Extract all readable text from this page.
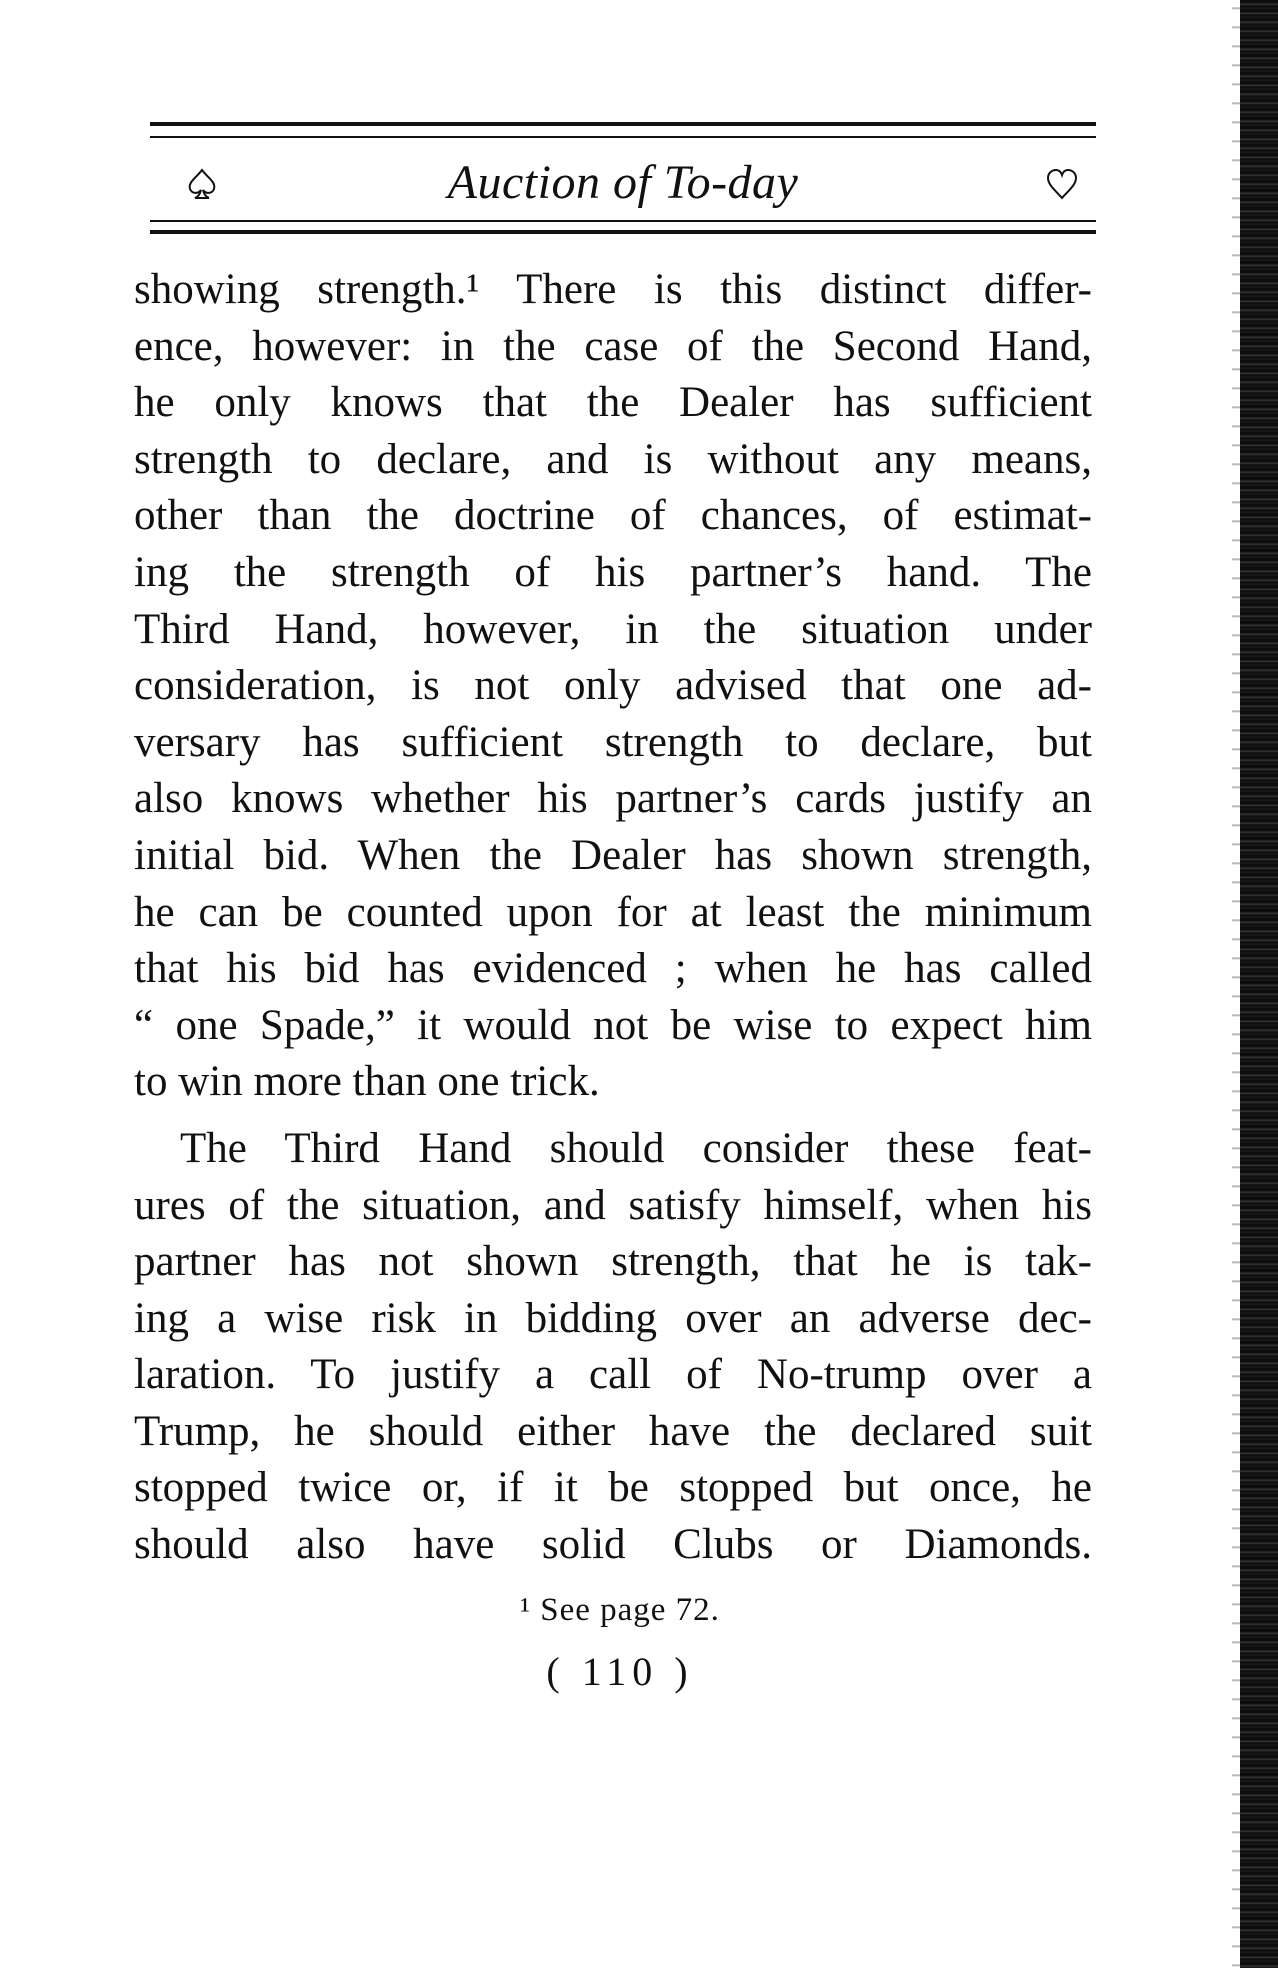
Auction of To-day
showing strength.¹ There is this distinct differ-
ence, however: in the case of the Second Hand,
he only knows that the Dealer has sufficient
strength to declare, and is without any means,
other than the doctrine of chances, of estimat-
ing the strength of his partner’s hand. The
Third Hand, however, in the situation under
consideration, is not only advised that one ad-
versary has sufficient strength to declare, but
also knows whether his partner’s cards justify an
initial bid. When the Dealer has shown strength,
he can be counted upon for at least the minimum
that his bid has evidenced ; when he has called
“ one Spade,” it would not be wise to expect him
to win more than one trick.
The Third Hand should consider these feat-
ures of the situation, and satisfy himself, when his
partner has not shown strength, that he is tak-
ing a wise risk in bidding over an adverse dec-
laration. To justify a call of No-trump over a
Trump, he should either have the declared suit
stopped twice or, if it be stopped but once, he
should also have solid Clubs or Diamonds.
¹ See page 72.
( 110 )
